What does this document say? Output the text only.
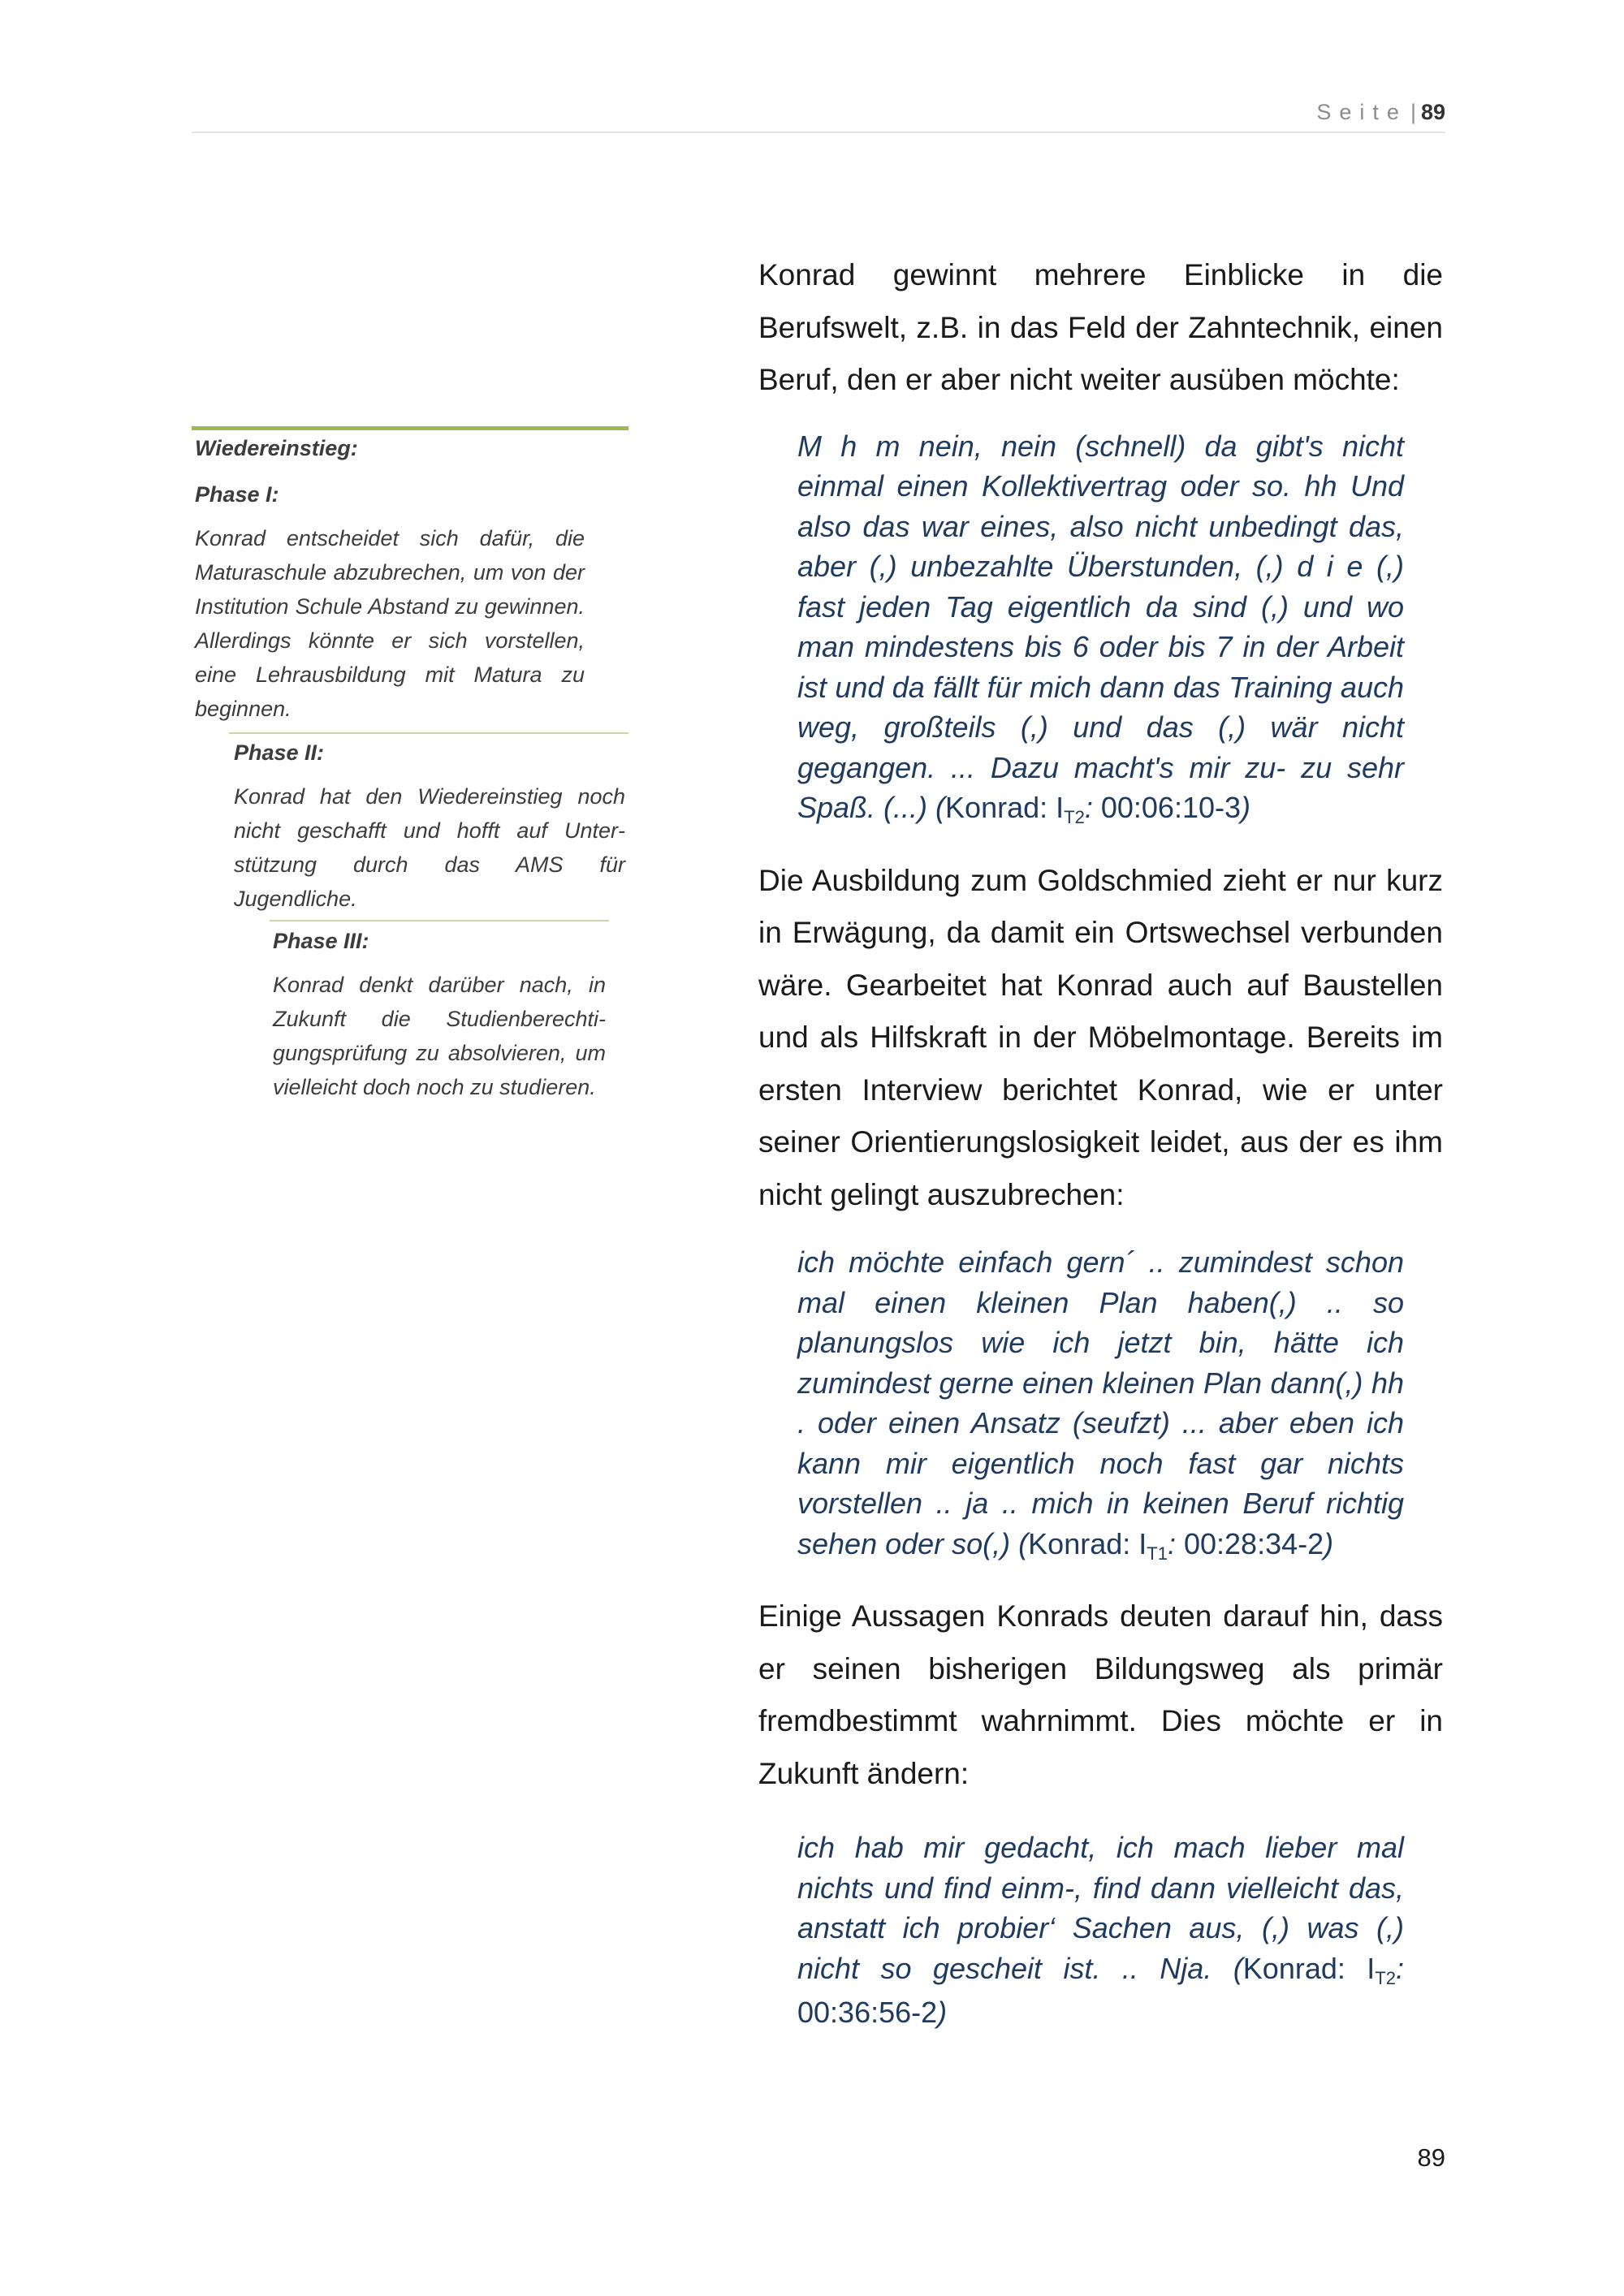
Seite | 89
Wiedereinstieg:
Phase I:
Konrad entscheidet sich dafür, die Maturaschule abzubrechen, um von der Institution Schule Abstand zu gewinnen. Allerdings könnte er sich vorstellen, eine Lehrausbildung mit Matura zu beginnen.
Phase II:
Konrad hat den Wiedereinstieg noch nicht geschafft und hofft auf Unterstützung durch das AMS für Jugendliche.
Phase III:
Konrad denkt darüber nach, in Zukunft die Studienberechtigungsprüfung zu absolvieren, um vielleicht doch noch zu studieren.

Konrad gewinnt mehrere Einblicke in die Berufswelt, z.B. in das Feld der Zahntechnik, einen Beruf, den er aber nicht weiter ausüben möchte:

M h m nein, nein (schnell) da gibt's nicht einmal einen Kollektivertrag oder so. hh Und also das war eines, also nicht unbedingt das, aber (,) unbezahlte Überstunden, (,) d i e (,) fast jeden Tag eigentlich da sind (,) und wo man mindestens bis 6 oder bis 7 in der Arbeit ist und da fällt für mich dann das Training auch weg, großteils (,) und das (,) wär nicht gegangen. ... Dazu macht's mir zu- zu sehr Spaß. (...) (Konrad: IT2: 00:06:10-3)

Die Ausbildung zum Goldschmied zieht er nur kurz in Erwägung, da damit ein Ortswechsel verbunden wäre. Gearbeitet hat Konrad auch auf Baustellen und als Hilfskraft in der Möbelmontage. Bereits im ersten Interview berichtet Konrad, wie er unter seiner Orientierungslosigkeit leidet, aus der es ihm nicht gelingt auszubrechen:

ich möchte einfach gern´ .. zumindest schon mal einen kleinen Plan haben(,) .. so planungslos wie ich jetzt bin, hätte ich zumindest gerne einen kleinen Plan dann(,) hh . oder einen Ansatz (seufzt) ... aber eben ich kann mir eigentlich noch fast gar nichts vorstellen .. ja .. mich in keinen Beruf richtig sehen oder so(,) (Konrad: IT1: 00:28:34-2)

Einige Aussagen Konrads deuten darauf hin, dass er seinen bisherigen Bildungsweg als primär fremdbestimmt wahrnimmt. Dies möchte er in Zukunft ändern:

ich hab mir gedacht, ich mach lieber mal nichts und find einm-, find dann vielleicht das, anstatt ich probier‘ Sachen aus, (,) was (,) nicht so gescheit ist. .. Nja. (Konrad: IT2: 00:36:56-2)
89
